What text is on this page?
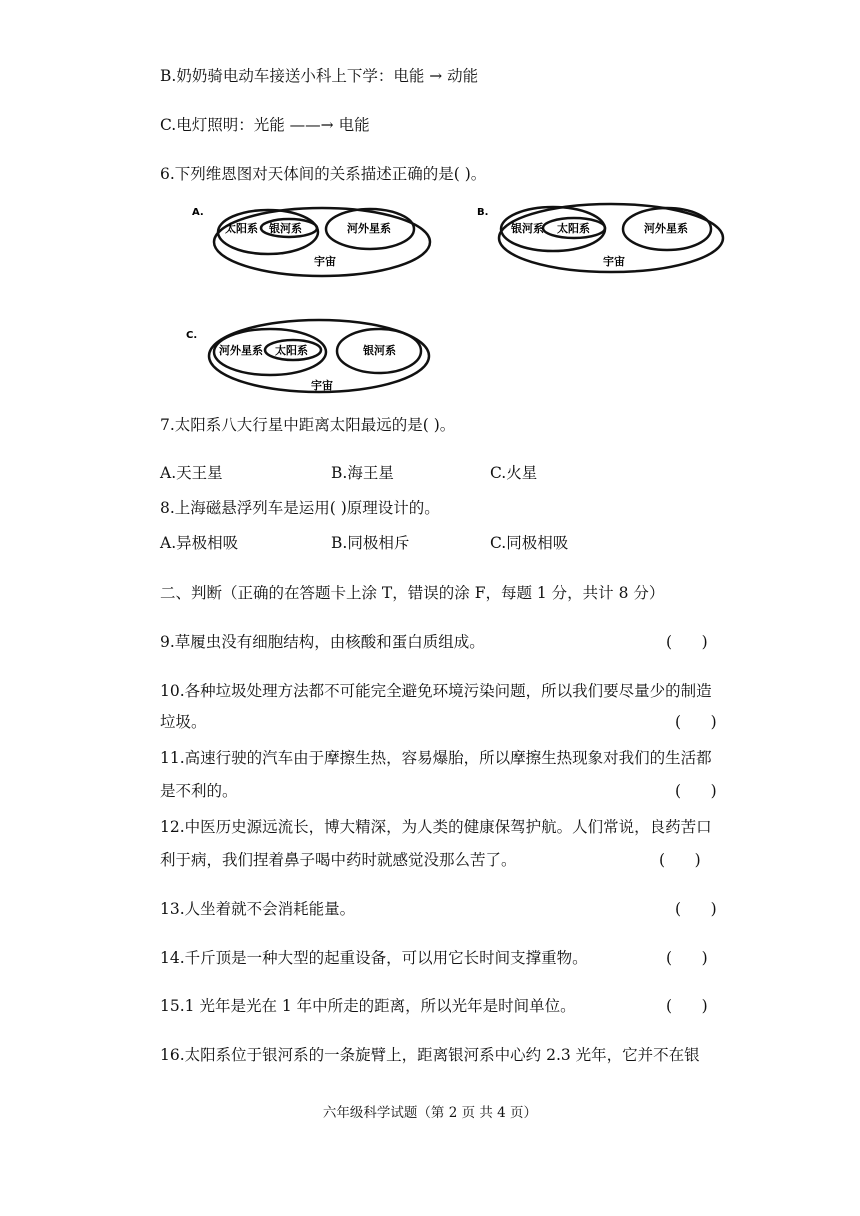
B.奶奶骑电动车接送小科上下学：电能 → 动能
C.电灯照明：光能 ——→ 电能
6.下列维恩图对天体间的关系描述正确的是( )。
A.
太阳系 银河系	河外星系
宇宙
B.
银河系 太阳系	河外星系
宇宙
C.
河外星系 太阳系	银河系
宇宙
7.太阳系八大行星中距离太阳最远的是( )。
A.天王星	B.海王星	C.火星
8.上海磁悬浮列车是运用( )原理设计的。
A.异极相吸	B.同极相斥	C.同极相吸
二、判断（正确的在答题卡上涂 T，错误的涂 F，每题 1 分，共计 8 分）
9.草履虫没有细胞结构，由核酸和蛋白质组成。	(      )
10.各种垃圾处理方法都不可能完全避免环境污染问题，所以我们要尽量少的制造
垃圾。	(      )
11.高速行驶的汽车由于摩擦生热，容易爆胎，所以摩擦生热现象对我们的生活都
是不利的。	(      )
12.中医历史源远流长，博大精深，为人类的健康保驾护航。人们常说，良药苦口
利于病，我们捏着鼻子喝中药时就感觉没那么苦了。	(      )
13.人坐着就不会消耗能量。	(      )
14.千斤顶是一种大型的起重设备，可以用它长时间支撑重物。	(      )
15.1 光年是光在 1 年中所走的距离，所以光年是时间单位。	(      )
16.太阳系位于银河系的一条旋臂上，距离银河系中心约 2.3 光年，它并不在银
六年级科学试题（第 2 页 共 4 页）
